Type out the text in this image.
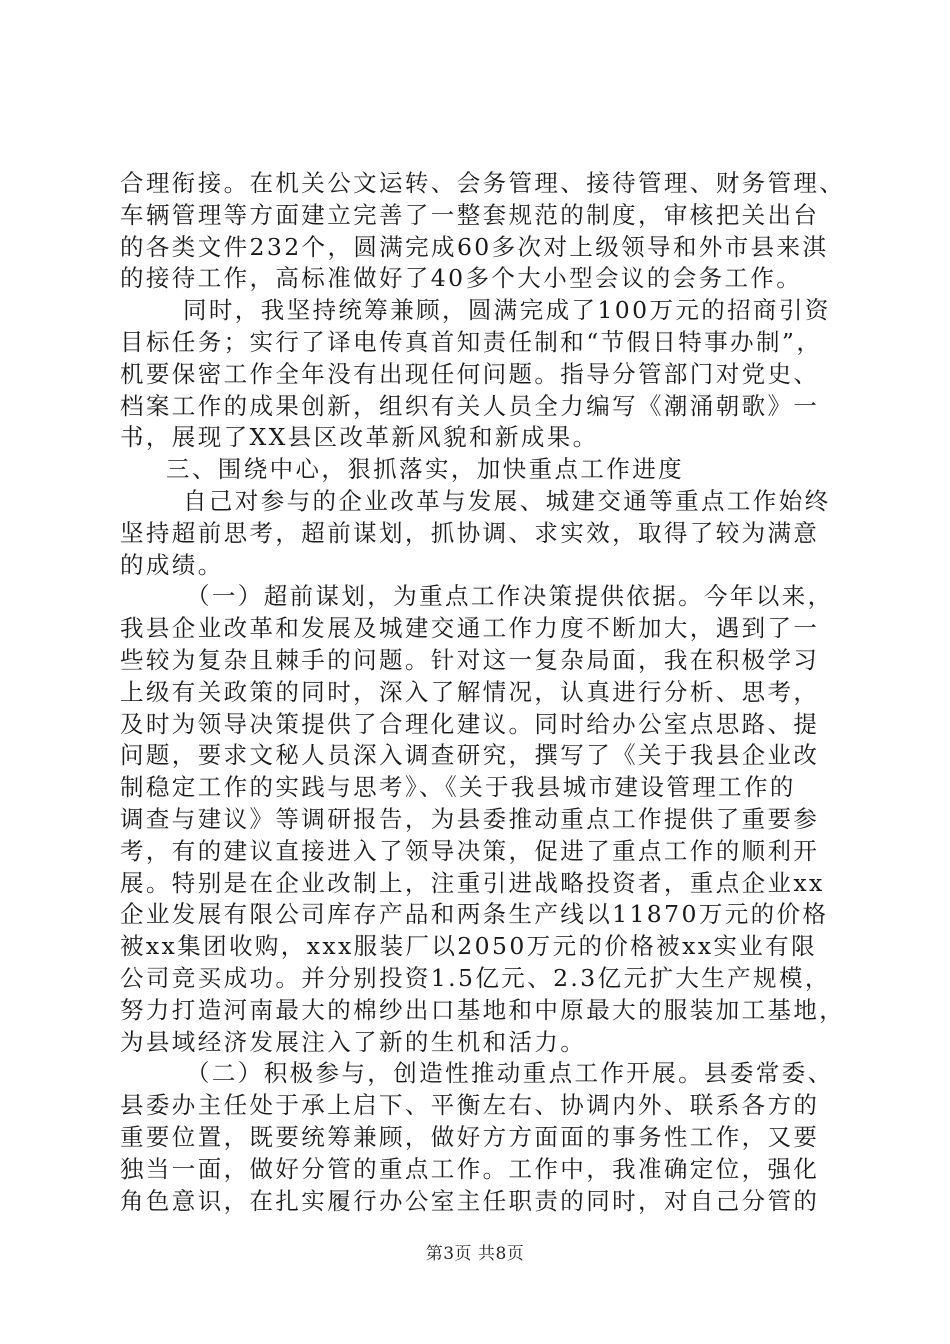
合理衔接。在机关公文运转、会务管理、接待管理、财务管理、
车辆管理等方面建立完善了一整套规范的制度，审核把关出台
的各类文件232个，圆满完成60多次对上级领导和外市县来淇
的接待工作，高标准做好了40多个大小型会议的会务工作。
同时，我坚持统筹兼顾，圆满完成了100万元的招商引资
目标任务；实行了译电传真首知责任制和“节假日特事办制”，
机要保密工作全年没有出现任何问题。指导分管部门对党史、
档案工作的成果创新，组织有关人员全力编写《潮涌朝歌》一
书，展现了XX县区改革新风貌和新成果。
三、围绕中心，狠抓落实，加快重点工作进度
自己对参与的企业改革与发展、城建交通等重点工作始终
坚持超前思考，超前谋划，抓协调、求实效，取得了较为满意
的成绩。
（一）超前谋划，为重点工作决策提供依据。今年以来，
我县企业改革和发展及城建交通工作力度不断加大，遇到了一
些较为复杂且棘手的问题。针对这一复杂局面，我在积极学习
上级有关政策的同时，深入了解情况，认真进行分析、思考，
及时为领导决策提供了合理化建议。同时给办公室点思路、提
问题，要求文秘人员深入调查研究，撰写了《关于我县企业改
制稳定工作的实践与思考》、《关于我县城市建设管理工作的
调查与建议》等调研报告，为县委推动重点工作提供了重要参
考，有的建议直接进入了领导决策，促进了重点工作的顺利开
展。特别是在企业改制上，注重引进战略投资者，重点企业xx
企业发展有限公司库存产品和两条生产线以11870万元的价格
被xx集团收购，xxx服装厂以2050万元的价格被xx实业有限
公司竞买成功。并分别投资1.5亿元、2.3亿元扩大生产规模，
努力打造河南最大的棉纱出口基地和中原最大的服装加工基地，
为县域经济发展注入了新的生机和活力。
（二）积极参与，创造性推动重点工作开展。县委常委、
县委办主任处于承上启下、平衡左右、协调内外、联系各方的
重要位置，既要统筹兼顾，做好方方面面的事务性工作，又要
独当一面，做好分管的重点工作。工作中，我准确定位，强化
角色意识，在扎实履行办公室主任职责的同时，对自己分管的
第3页 共8页
